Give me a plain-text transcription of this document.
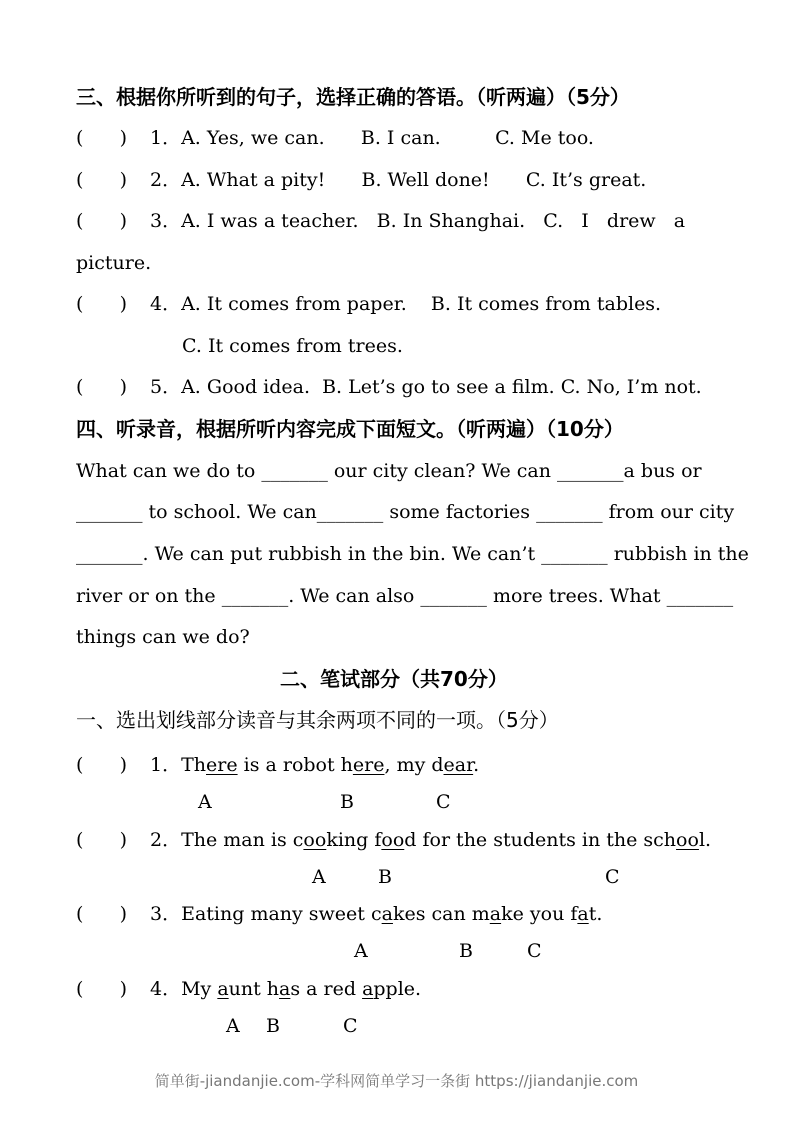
三、根据你所听到的句子，选择正确的答语。（听两遍）（5分）
(      ) 1．A. Yes, we can.      B. I can.         C. Me too.
(      ) 2．A. What a pity!      B. Well done!      C. It’s great.
(      ) 3．A. I was a teacher.   B. In Shanghai.   C.   I   drew   a
picture.
(      ) 4．A. It comes from paper.    B. It comes from tables.
C. It comes from trees.
(      ) 5．A. Good idea.  B. Let’s go to see a film. C. No, I’m not.
四、听录音，根据所听内容完成下面短文。（听两遍）（10分）
What can we do to _______ our city clean? We can _______a bus or
_______ to school. We can_______ some factories _______ from our city
_______. We can put rubbish in the bin. We can’t _______ rubbish in the
river or on the _______. We can also _______ more trees. What _______
things can we do?
二、笔试部分（共70分）
一、选出划线部分读音与其余两项不同的一项。（5分）
(      ) 1．There is a robot here, my dear.
A	B	C
(      ) 2．The man is cooking food for the students in the school.
A	B	C
(      ) 3．Eating many sweet cakes can make you fat.
A	B	C
(      ) 4．My aunt has a red apple.
A B	C
简单街-jiandanjie.com-学科网简单学习一条街 https://jiandanjie.com
